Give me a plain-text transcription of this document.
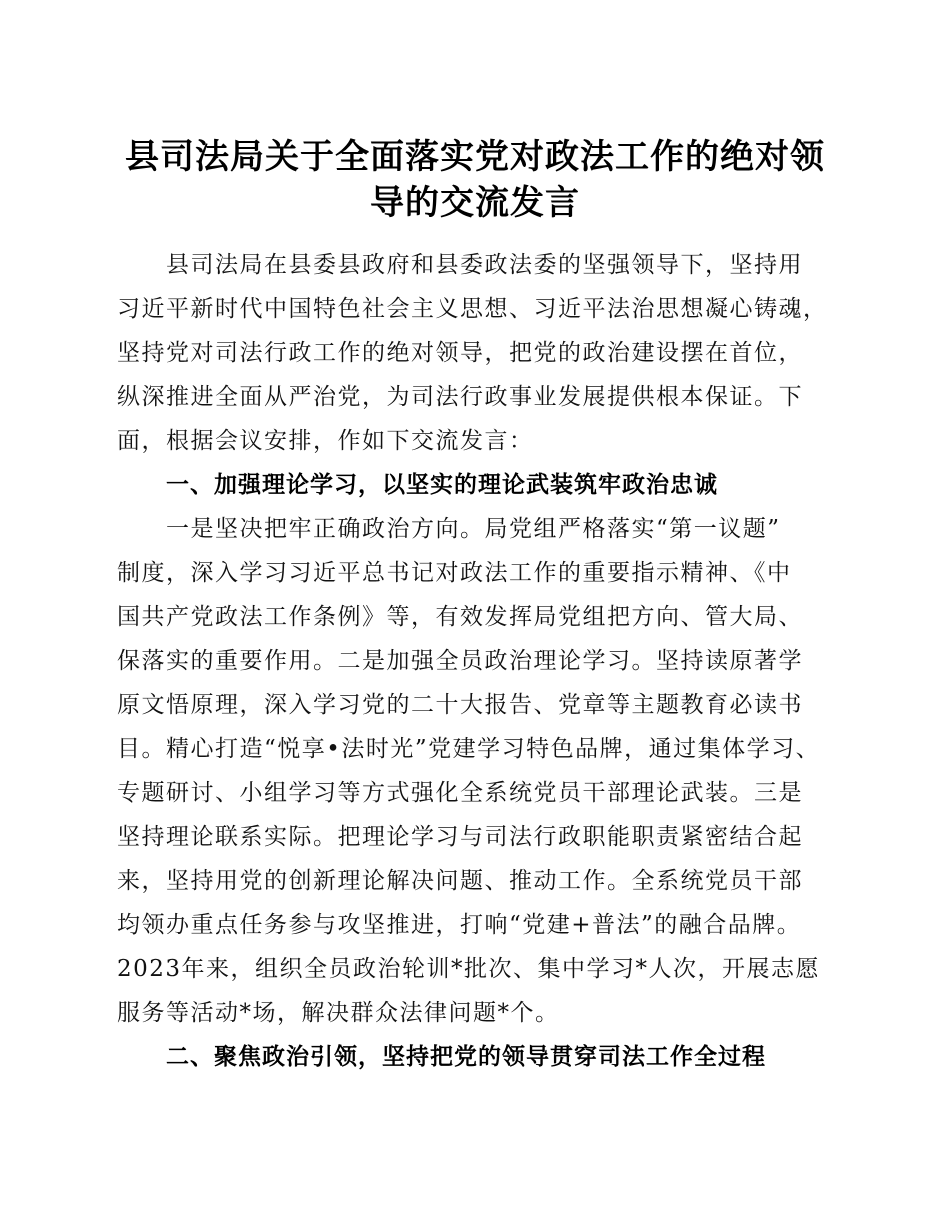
县司法局关于全面落实党对政法工作的绝对领
导的交流发言

县司法局在县委县政府和县委政法委的坚强领导下，坚持用

习近平新时代中国特色社会主义思想、习近平法治思想凝心铸魂，

坚持党对司法行政工作的绝对领导，把党的政治建设摆在首位，

纵深推进全面从严治党，为司法行政事业发展提供根本保证。下

面，根据会议安排，作如下交流发言：

一、加强理论学习，以坚实的理论武装筑牢政治忠诚

一是坚决把牢正确政治方向。局党组严格落实“第一议题”

制度，深入学习习近平总书记对政法工作的重要指示精神、《中

国共产党政法工作条例》等，有效发挥局党组把方向、管大局、

保落实的重要作用。二是加强全员政治理论学习。坚持读原著学

原文悟原理，深入学习党的二十大报告、党章等主题教育必读书

目。精心打造“悦享•法时光”党建学习特色品牌，通过集体学习、

专题研讨、小组学习等方式强化全系统党员干部理论武装。三是

坚持理论联系实际。把理论学习与司法行政职能职责紧密结合起

来，坚持用党的创新理论解决问题、推动工作。全系统党员干部

均领办重点任务参与攻坚推进，打响“党建+普法”的融合品牌。

2023年来，组织全员政治轮训*批次、集中学习*人次，开展志愿

服务等活动*场，解决群众法律问题*个。

二、聚焦政治引领，坚持把党的领导贯穿司法工作全过程
